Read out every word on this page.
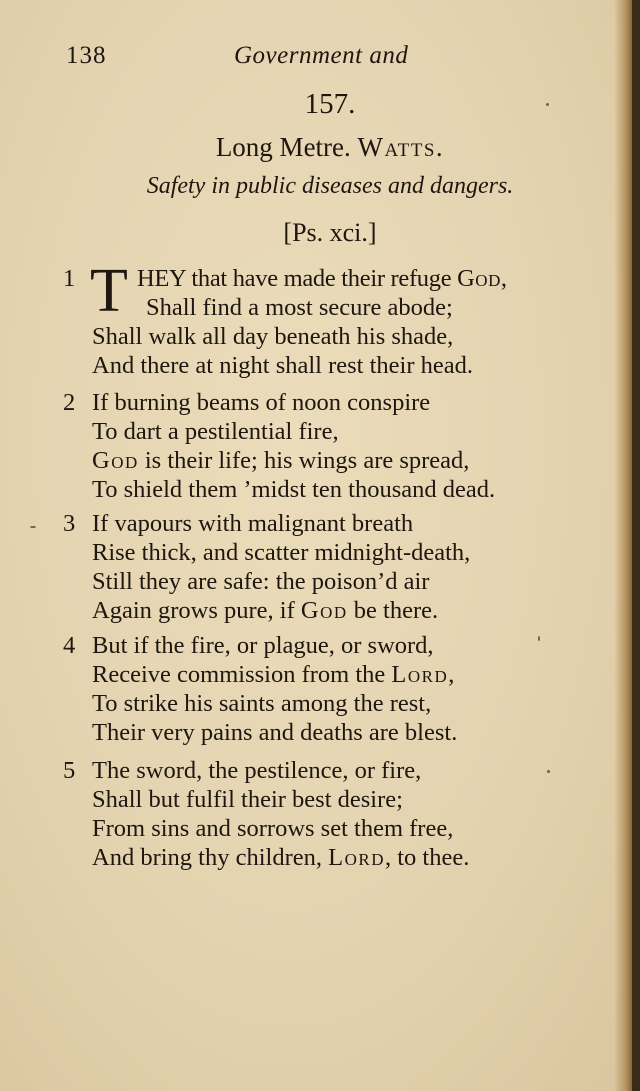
138	Government and
157.
Long Metre. Watts.
Safety in public diseases and dangers.
[Ps. xci.]
1 T HEY that have made their refuge God,
Shall find a most secure abode;
Shall walk all day beneath his shade,
And there at night shall rest their head.
2 If burning beams of noon conspire
To dart a pestilential fire,
God is their life; his wings are spread,
To shield them ’midst ten thousand dead.
3 If vapours with malignant breath
Rise thick, and scatter midnight-death,
Still they are safe: the poison’d air
Again grows pure, if God be there.
4 But if the fire, or plague, or sword,
Receive commission from the Lord,
To strike his saints among the rest,
Their very pains and deaths are blest.
5 The sword, the pestilence, or fire,
Shall but fulfil their best desire;
From sins and sorrows set them free,
And bring thy children, Lord, to thee.
